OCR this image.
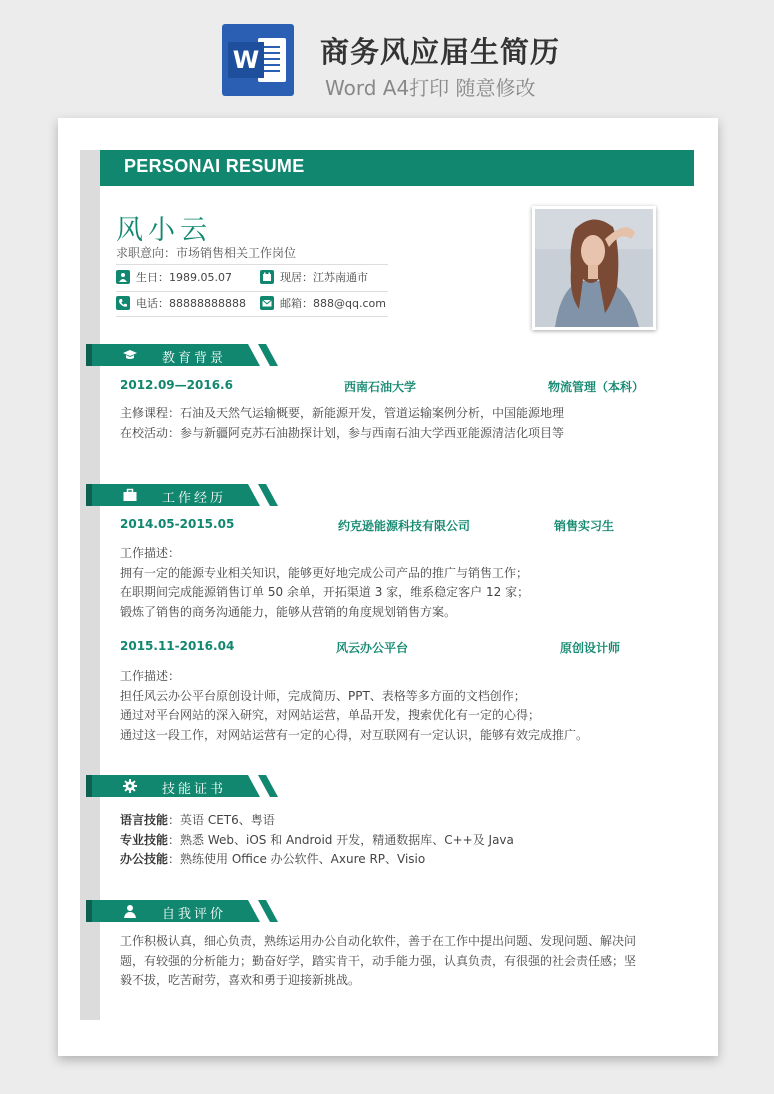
W 商务风应届生简历
Word A4打印 随意修改
PERSONAI RESUME
风小云
求职意向：市场销售相关工作岗位
生日：1989.05.07	现居：江苏南通市
电话：88888888888	邮箱：888@qq.com
教育背景
2012.09—2016.6	西南石油大学	物流管理（本科）
主修课程：石油及天然气运输概要，新能源开发，管道运输案例分析，中国能源地理
在校活动：参与新疆阿克苏石油勘探计划，参与西南石油大学西亚能源清洁化项目等
工作经历
2014.05-2015.05	约克逊能源科技有限公司	销售实习生
工作描述：
拥有一定的能源专业相关知识，能够更好地完成公司产品的推广与销售工作；
在职期间完成能源销售订单 50 余单，开拓渠道 3 家，维系稳定客户 12 家；
锻炼了销售的商务沟通能力，能够从营销的角度规划销售方案。
2015.11-2016.04	风云办公平台	原创设计师
工作描述：
担任风云办公平台原创设计师，完成简历、PPT、表格等多方面的文档创作；
通过对平台网站的深入研究，对网站运营，单品开发，搜索优化有一定的心得；
通过这一段工作，对网站运营有一定的心得，对互联网有一定认识，能够有效完成推广。
技能证书
语言技能：英语 CET6、粤语
专业技能：熟悉 Web、iOS 和 Android 开发，精通数据库、C++及 Java
办公技能：熟练使用 Office 办公软件、Axure RP、Visio
自我评价
工作积极认真，细心负责，熟练运用办公自动化软件，善于在工作中提出问题、发现问题、解决问
题，有较强的分析能力；勤奋好学，踏实肯干，动手能力强，认真负责，有很强的社会责任感；坚
毅不拔，吃苦耐劳，喜欢和勇于迎接新挑战。
